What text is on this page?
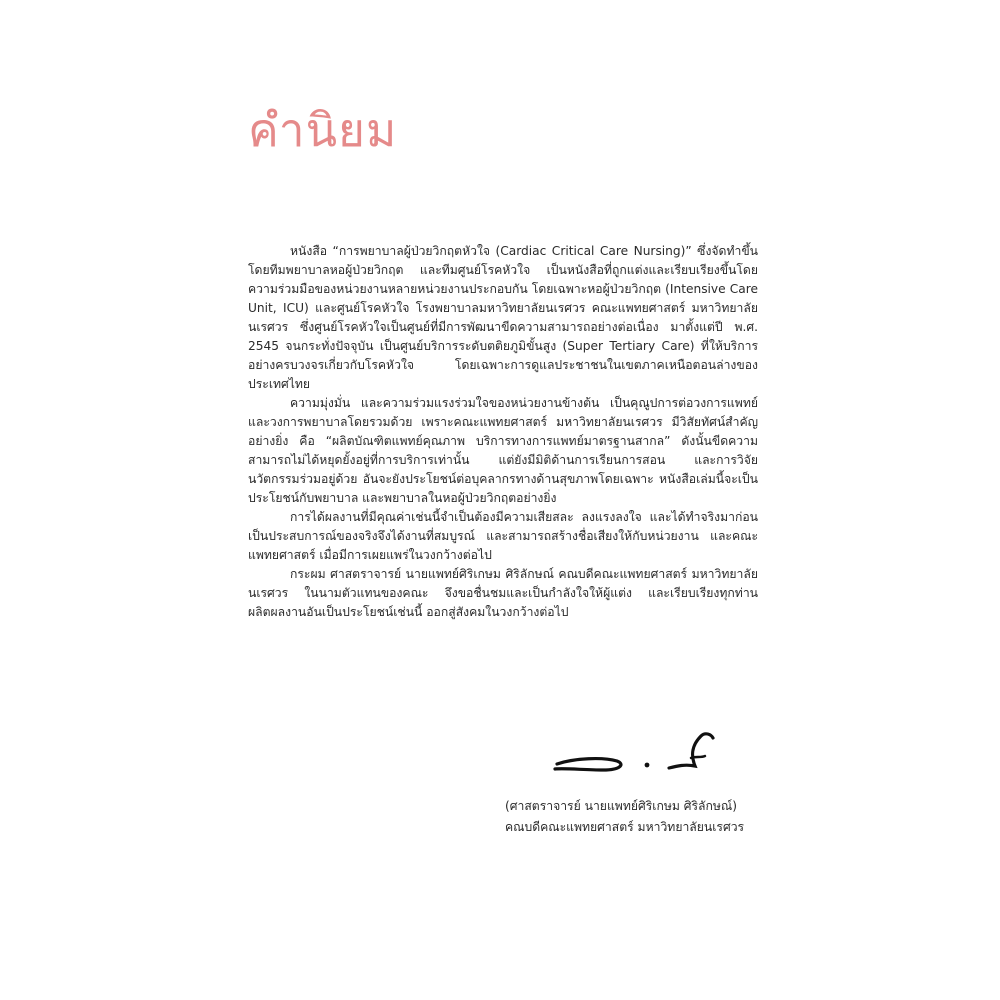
คำนิยม

หนังสือ “การพยาบาลผู้ป่วยวิกฤตหัวใจ (Cardiac Critical Care Nursing)” ซึ่งจัดทำขึ้นโดยทีมพยาบาลหอผู้ป่วยวิกฤต และทีมศูนย์โรคหัวใจ เป็นหนังสือที่ถูกแต่งและเรียบเรียงขึ้นโดยความร่วมมือของหน่วยงานหลายหน่วยงานประกอบกัน โดยเฉพาะหอผู้ป่วยวิกฤต (Intensive Care Unit, ICU) และศูนย์โรคหัวใจ โรงพยาบาลมหาวิทยาลัยนเรศวร คณะแพทยศาสตร์ มหาวิทยาลัยนเรศวร ซึ่งศูนย์โรคหัวใจเป็นศูนย์ที่มีการพัฒนาขีดความสามารถอย่างต่อเนื่อง มาตั้งแต่ปี พ.ศ. 2545 จนกระทั่งปัจจุบัน เป็นศูนย์บริการระดับตติยภูมิขั้นสูง (Super Tertiary Care) ที่ให้บริการอย่างครบวงจรเกี่ยวกับโรคหัวใจ โดยเฉพาะการดูแลประชาชนในเขตภาคเหนือตอนล่างของประเทศไทย

ความมุ่งมั่น และความร่วมแรงร่วมใจของหน่วยงานข้างต้น เป็นคุณูปการต่อวงการแพทย์และวงการพยาบาลโดยรวมด้วย เพราะคณะแพทยศาสตร์ มหาวิทยาลัยนเรศวร มีวิสัยทัศน์สำคัญอย่างยิ่ง คือ “ผลิตบัณฑิตแพทย์คุณภาพ บริการทางการแพทย์มาตรฐานสากล” ดังนั้นขีดความสามารถไม่ได้หยุดยั้งอยู่ที่การบริการเท่านั้น แต่ยังมีมิติด้านการเรียนการสอน และการวิจัยนวัตกรรมร่วมอยู่ด้วย อันจะยังประโยชน์ต่อบุคลากรทางด้านสุขภาพโดยเฉพาะ หนังสือเล่มนี้จะเป็นประโยชน์กับพยาบาล และพยาบาลในหอผู้ป่วยวิกฤตอย่างยิ่ง

การได้ผลงานที่มีคุณค่าเช่นนี้จำเป็นต้องมีความเสียสละ ลงแรงลงใจ และได้ทำจริงมาก่อน เป็นประสบการณ์ของจริงจึงได้งานที่สมบูรณ์ และสามารถสร้างชื่อเสียงให้กับหน่วยงาน และคณะแพทยศาสตร์ เมื่อมีการเผยแพร่ในวงกว้างต่อไป

กระผม ศาสตราจารย์ นายแพทย์ศิริเกษม ศิริลักษณ์ คณบดีคณะแพทยศาสตร์ มหาวิทยาลัยนเรศวร ในนามตัวแทนของคณะ จึงขอชื่นชมและเป็นกำลังใจให้ผู้แต่ง และเรียบเรียงทุกท่าน ผลิตผลงานอันเป็นประโยชน์เช่นนี้ ออกสู่สังคมในวงกว้างต่อไป

(ศาสตราจารย์ นายแพทย์ศิริเกษม ศิริลักษณ์)
คณบดีคณะแพทยศาสตร์ มหาวิทยาลัยนเรศวร
